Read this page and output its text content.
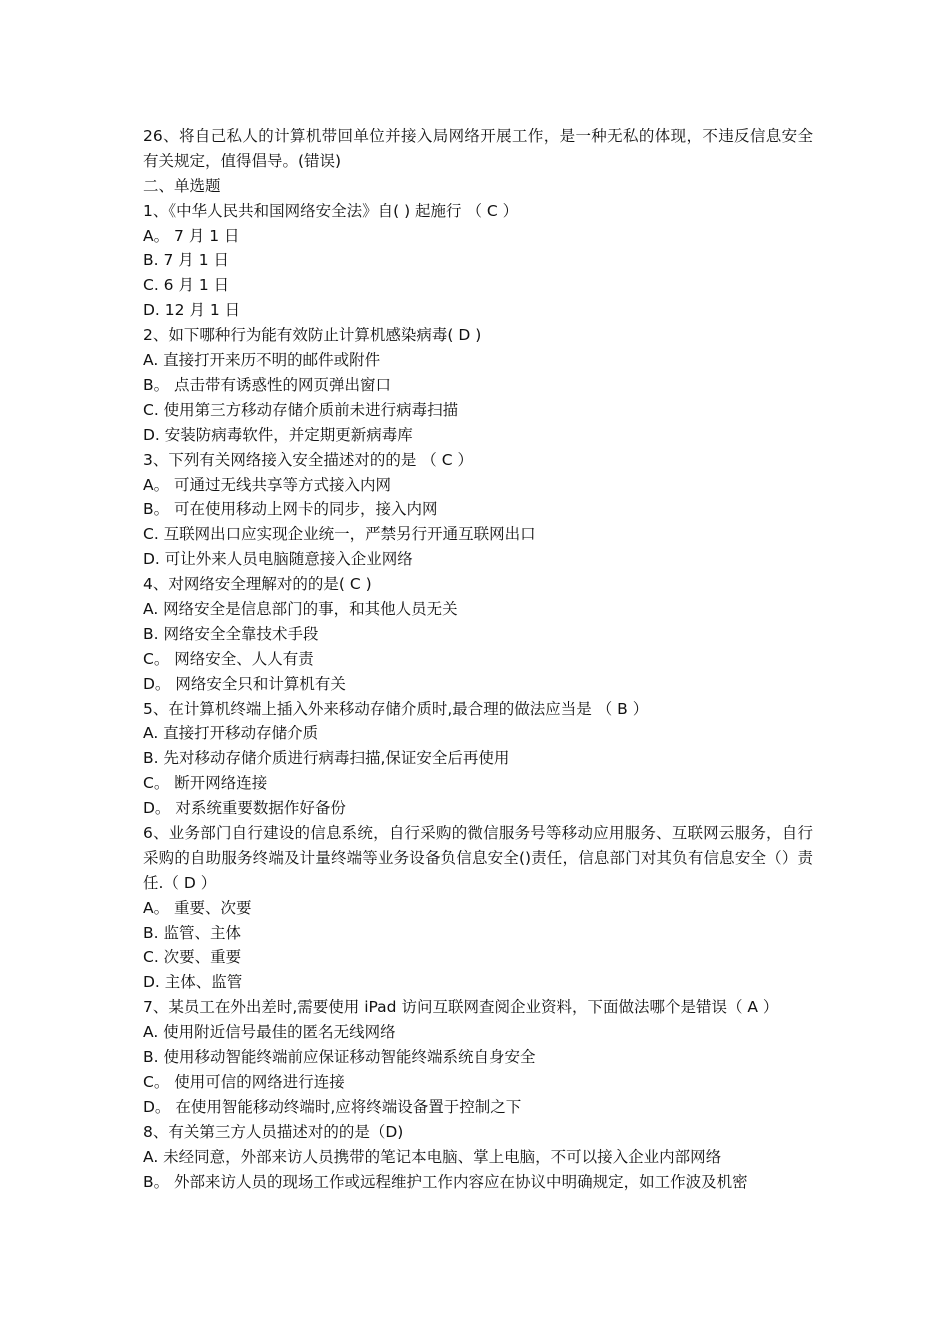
26、将自己私人的计算机带回单位并接入局网络开展工作，是一种无私的体现，不违反信息安全有关规定，值得倡导。(错误)
二、单选题
1、《中华人民共和国网络安全法》自( ) 起施行 （ C ）
A。 7 月 1 日
B. 7 月 1 日
C. 6 月 1 日
D. 12 月 1 日
2、如下哪种行为能有效防止计算机感染病毒( D )
A. 直接打开来历不明的邮件或附件
B。 点击带有诱惑性的网页弹出窗口
C. 使用第三方移动存储介质前未进行病毒扫描
D. 安装防病毒软件，并定期更新病毒库
3、下列有关网络接入安全描述对的的是 （ C ）
A。 可通过无线共享等方式接入内网
B。 可在使用移动上网卡的同步，接入内网
C. 互联网出口应实现企业统一，严禁另行开通互联网出口
D. 可让外来人员电脑随意接入企业网络
4、对网络安全理解对的的是( C )
A. 网络安全是信息部门的事，和其他人员无关
B. 网络安全全靠技术手段
C。 网络安全、人人有责
D。 网络安全只和计算机有关
5、在计算机终端上插入外来移动存储介质时,最合理的做法应当是 （ B ）
A. 直接打开移动存储介质
B. 先对移动存储介质进行病毒扫描,保证安全后再使用
C。 断开网络连接
D。 对系统重要数据作好备份
6、业务部门自行建设的信息系统，自行采购的微信服务号等移动应用服务、互联网云服务，自行采购的自助服务终端及计量终端等业务设备负信息安全()责任，信息部门对其负有信息安全（）责任.（ D ）
A。 重要、次要
B. 监管、主体
C. 次要、重要
D. 主体、监管
7、某员工在外出差时,需要使用 iPad 访问互联网查阅企业资料，下面做法哪个是错误（ A ）
A. 使用附近信号最佳的匿名无线网络
B. 使用移动智能终端前应保证移动智能终端系统自身安全
C。 使用可信的网络进行连接
D。 在使用智能移动终端时,应将终端设备置于控制之下
8、有关第三方人员描述对的的是（D)
A. 未经同意，外部来访人员携带的笔记本电脑、掌上电脑，不可以接入企业内部网络
B。 外部来访人员的现场工作或远程维护工作内容应在协议中明确规定，如工作波及机密
